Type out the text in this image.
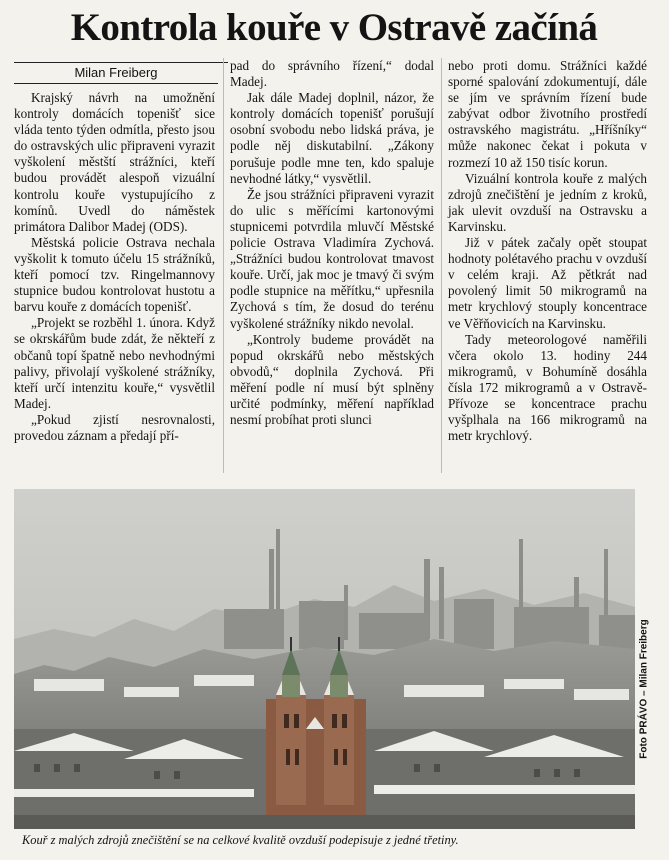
Kontrola kouře v Ostravě začíná
Milan Freiberg

Krajský návrh na umožnění kontroly domácích topenišť sice vláda tento týden odmítla, přesto jsou do ostravských ulic připraveni vyrazit vyškolení městští strážníci, kteří budou provádět alespoň vizuální kontrolu kouře vystupujícího z komínů. Uvedl do náměstek primátora Dalibor Madej (ODS).

Městská policie Ostrava nechala vyškolit k tomuto účelu 15 strážníků, kteří pomocí tzv. Ringelmannovy stupnice budou kontrolovat hustotu a barvu kouře z domácích topenišť.

„Projekt se rozběhl 1. února. Když se okrskářům bude zdát, že někteří z občanů topí špatně nebo nevhodnými palivy, přivolají vyškolené strážníky, kteří určí intenzitu kouře,“ vysvětlil Madej.

„Pokud zjistí nesrovnalosti, provedou záznam a předají pří-

pad do správního řízení,“ dodal Madej.

Jak dále Madej doplnil, názor, že kontroly domácích topenišť porušují osobní svobodu nebo lidská práva, je podle něj diskutabilní. „Zákony porušuje podle mne ten, kdo spaluje nevhodné látky,“ vysvětlil.

Že jsou strážníci připraveni vyrazit do ulic s měřícími kartonovými stupnicemi potvrdila mluvčí Městské policie Ostrava Vladimíra Zychová. „Strážníci budou kontrolovat tmavost kouře. Určí, jak moc je tmavý či svým podle stupnice na měřítku,“ upřesnila Zychová s tím, že dosud do terénu vyškolené strážníky nikdo nevolal.

„Kontroly budeme provádět na popud okrskářů nebo městských obvodů,“ doplnila Zychová. Při měření podle ní musí být splněny určité podmínky, měření například nesmí probíhat proti slunci

nebo proti domu. Strážníci každé sporné spalování zdokumentují, dále se jím ve správním řízení bude zabývat odbor životního prostředí ostravského magistrátu. „Hříšníky“ může nakonec čekat i pokuta v rozmezí 10 až 150 tisíc korun.

Vizuální kontrola kouře z malých zdrojů znečištění je jedním z kroků, jak ulevit ovzduší na Ostravsku a Karvinsku.

Již v pátek začaly opět stoupat hodnoty polétavého prachu v ovzduší v celém kraji. Až pětkrát nad povolený limit 50 mikrogramů na metr krychlový stouply koncentrace ve Věřňovicích na Karvinsku.

Tady meteorologové naměřili včera okolo 13. hodiny 244 mikrogramů, v Bohumíně dosáhla čísla 172 mikrogramů a v Ostravě-Přívoze se koncentrace prachu vyšplhala na 166 mikrogramů na metr krychlový.

Foto PRÁVO – Milan Freiberg
Kouř z malých zdrojů znečištění se na celkové kvalitě ovzduší podepisuje z jedné třetiny.
